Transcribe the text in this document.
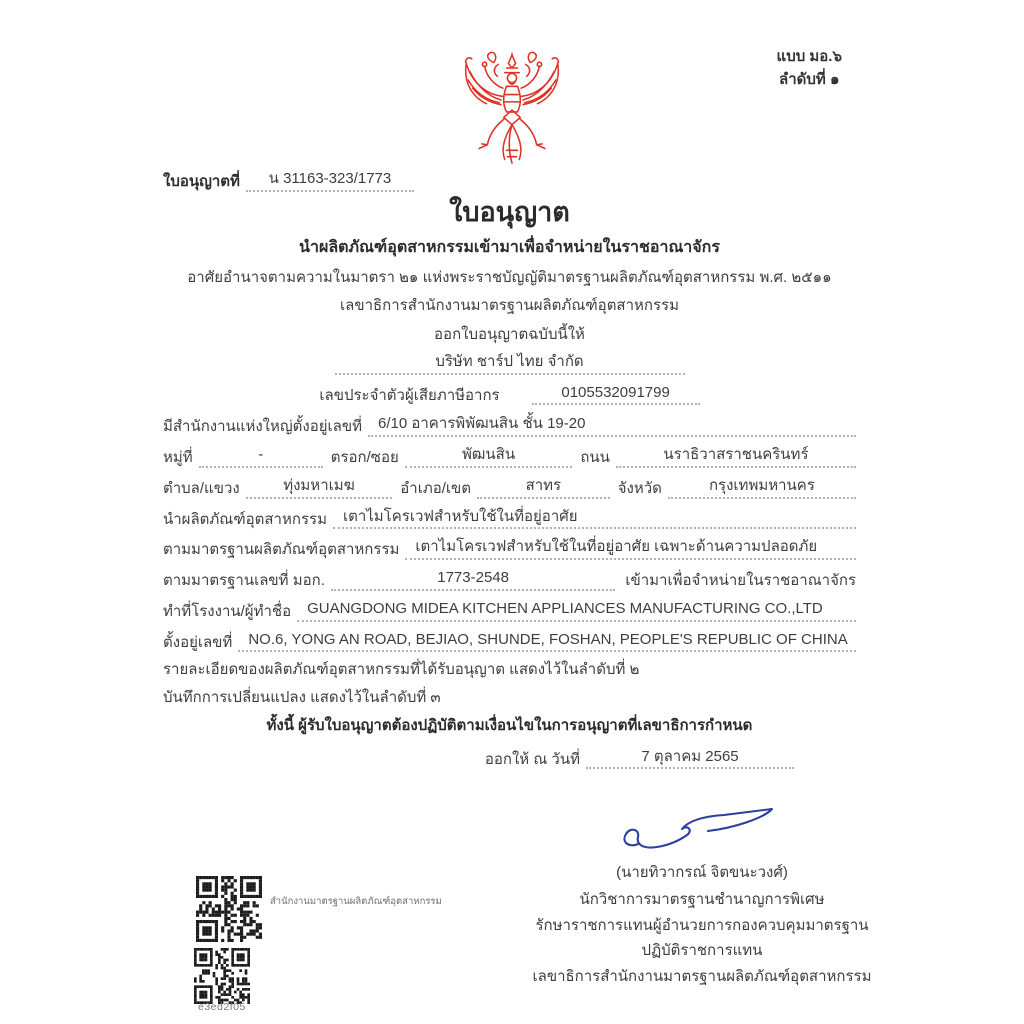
แบบ มอ.๖
ลำดับที่ ๑
ใบอนุญาตที่	น 31163-323/1773
ใบอนุญาต
นำผลิตภัณฑ์อุตสาหกรรมเข้ามาเพื่อจำหน่ายในราชอาณาจักร
อาศัยอำนาจตามความในมาตรา ๒๑ แห่งพระราชบัญญัติมาตรฐานผลิตภัณฑ์อุตสาหกรรม พ.ศ. ๒๕๑๑
เลขาธิการสำนักงานมาตรฐานผลิตภัณฑ์อุตสาหกรรม
ออกใบอนุญาตฉบับนี้ให้
บริษัท ชาร์ป ไทย จำกัด
เลขประจำตัวผู้เสียภาษีอากร	0105532091799
มีสำนักงานแห่งใหญ่ตั้งอยู่เลขที่	6/10 อาคารพิพัฒนสิน ชั้น 19-20
หมู่ที่	-	ตรอก/ซอย	พัฒนสิน	ถนน	นราธิวาสราชนครินทร์
ตำบล/แขวง	ทุ่งมหาเมฆ	อำเภอ/เขต	สาทร	จังหวัด	กรุงเทพมหานคร
นำผลิตภัณฑ์อุตสาหกรรม	เตาไมโครเวฟสำหรับใช้ในที่อยู่อาศัย
ตามมาตรฐานผลิตภัณฑ์อุตสาหกรรม	เตาไมโครเวฟสำหรับใช้ในที่อยู่อาศัย เฉพาะด้านความปลอดภัย
ตามมาตรฐานเลขที่ มอก.	1773-2548	เข้ามาเพื่อจำหน่ายในราชอาณาจักร
ทำที่โรงงาน/ผู้ทำชื่อ	GUANGDONG MIDEA KITCHEN APPLIANCES MANUFACTURING CO.,LTD
ตั้งอยู่เลขที่	NO.6, YONG AN ROAD, BEJIAO, SHUNDE, FOSHAN, PEOPLE'S REPUBLIC OF CHINA
รายละเอียดของผลิตภัณฑ์อุตสาหกรรมที่ได้รับอนุญาต แสดงไว้ในลำดับที่ ๒
บันทึกการเปลี่ยนแปลง แสดงไว้ในลำดับที่ ๓
ทั้งนี้ ผู้รับใบอนุญาตต้องปฏิบัติตามเงื่อนไขในการอนุญาตที่เลขาธิการกำหนด
ออกให้ ณ วันที่	7 ตุลาคม 2565
(นายทิวากรณ์ จิตขนะวงศ์)
นักวิชาการมาตรฐานชำนาญการพิเศษ
รักษาราชการแทนผู้อำนวยการกองควบคุมมาตรฐาน
ปฏิบัติราชการแทน
เลขาธิการสำนักงานมาตรฐานผลิตภัณฑ์อุตสาหกรรม
สำนักงานมาตรฐานผลิตภัณฑ์อุตสาหกรรม
e3ed2f05
